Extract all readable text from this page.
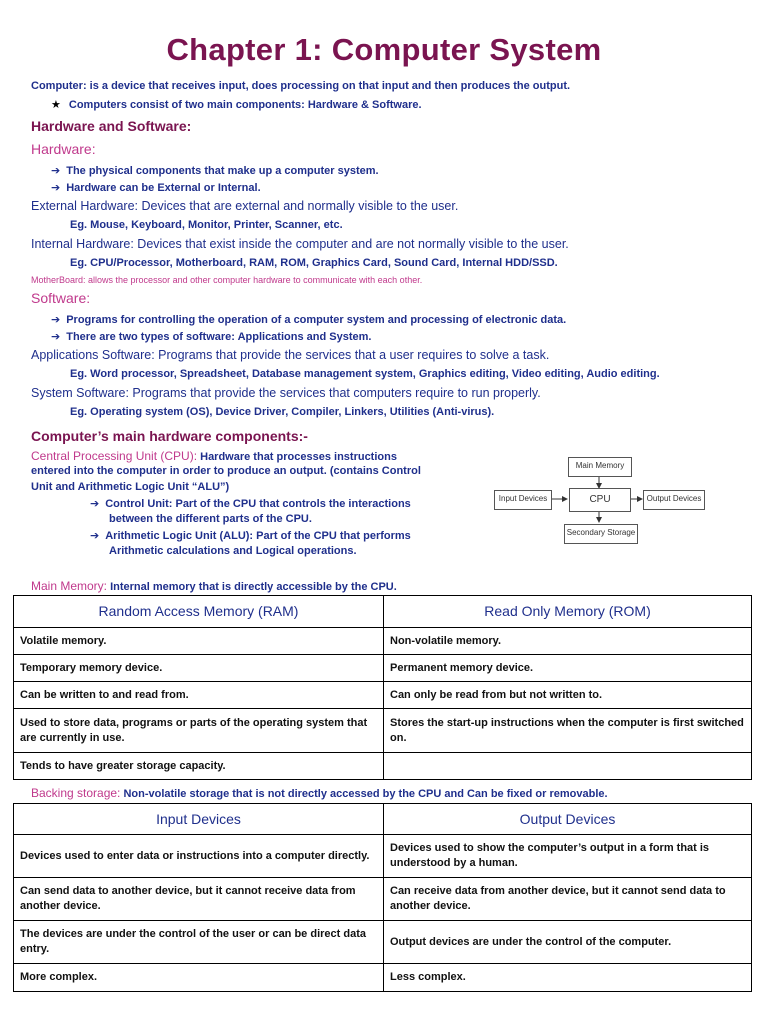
Chapter 1: Computer System
Computer: is a device that receives input, does processing on that input and then produces the output.
★ Computers consist of two main components: Hardware & Software.
Hardware and Software:
Hardware:
➔ The physical components that make up a computer system.
➔ Hardware can be External or Internal.
External Hardware: Devices that are external and normally visible to the user.
Eg. Mouse, Keyboard, Monitor, Printer, Scanner, etc.
Internal Hardware: Devices that exist inside the computer and are not normally visible to the user.
Eg. CPU/Processor, Motherboard, RAM, ROM, Graphics Card, Sound Card, Internal HDD/SSD.
MotherBoard: allows the processor and other computer hardware to communicate with each other.
Software:
➔ Programs for controlling the operation of a computer system and processing of electronic data.
➔ There are two types of software: Applications and System.
Applications Software: Programs that provide the services that a user requires to solve a task.
Eg. Word processor, Spreadsheet, Database management system, Graphics editing, Video editing, Audio editing.
System Software: Programs that provide the services that computers require to run properly.
Eg. Operating system (OS), Device Driver, Compiler, Linkers, Utilities (Anti-virus).
Computer’s main hardware components:-
Central Processing Unit (CPU): Hardware that processes instructions
entered into the computer in order to produce an output. (contains Control
Unit and Arithmetic Logic Unit “ALU”)
➔ Control Unit: Part of the CPU that controls the interactions
between the different parts of the CPU.
➔ Arithmetic Logic Unit (ALU): Part of the CPU that performs
Arithmetic calculations and Logical operations.
Main Memory
Input Devices	CPU	Output Devices
Secondary Storage
Main Memory: Internal memory that is directly accessible by the CPU.
Random Access Memory (RAM)	Read Only Memory (ROM)
Volatile memory.	Non-volatile memory.
Temporary memory device.	Permanent memory device.
Can be written to and read from.	Can only be read from but not written to.
Used to store data, programs or parts of the operating system that are currently in use.	Stores the start-up instructions when the computer is first switched on.
Tends to have greater storage capacity.	
Backing storage: Non-volatile storage that is not directly accessed by the CPU and Can be fixed or removable.
Input Devices	Output Devices
Devices used to enter data or instructions into a computer directly.	Devices used to show the computer’s output in a form that is understood by a human.
Can send data to another device, but it cannot receive data from another device.	Can receive data from another device, but it cannot send data to another device.
The devices are under the control of the user or can be direct data entry.	Output devices are under the control of the computer.
More complex.	Less complex.
